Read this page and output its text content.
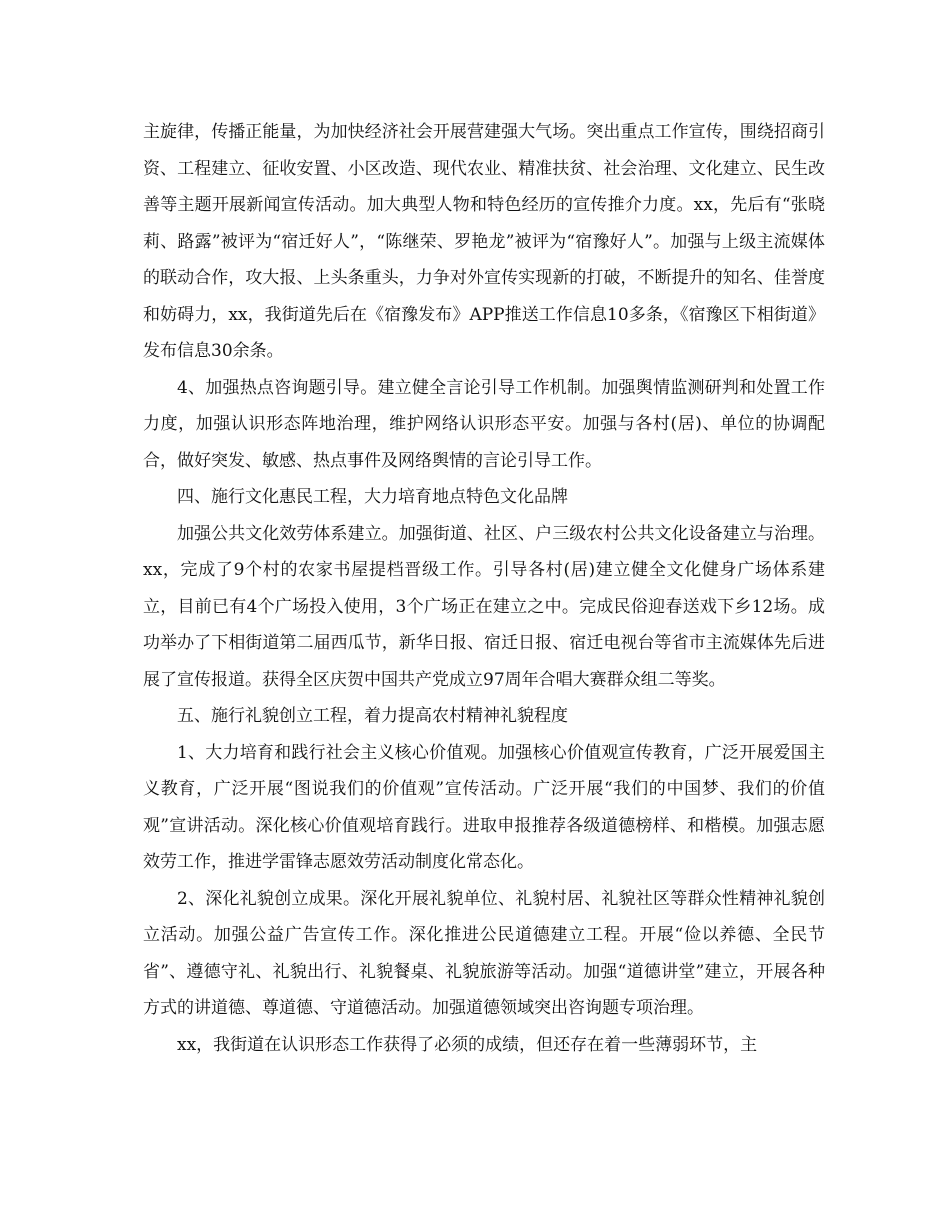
主旋律，传播正能量，为加快经济社会开展营建强大气场。突出重点工作宣传，围绕招商引资、工程建立、征收安置、小区改造、现代农业、精准扶贫、社会治理、文化建立、民生改善等主题开展新闻宣传活动。加大典型人物和特色经历的宣传推介力度。xx，先后有“张晓莉、路露”被评为“宿迁好人”，“陈继荣、罗艳龙”被评为“宿豫好人”。加强与上级主流媒体的联动合作，攻大报、上头条重头，力争对外宣传实现新的打破，不断提升的知名、佳誉度和妨碍力，xx，我街道先后在《宿豫发布》APP推送工作信息10多条，《宿豫区下相街道》发布信息30余条。

4、加强热点咨询题引导。建立健全言论引导工作机制。加强舆情监测研判和处置工作力度，加强认识形态阵地治理，维护网络认识形态平安。加强与各村(居)、单位的协调配合，做好突发、敏感、热点事件及网络舆情的言论引导工作。

四、施行文化惠民工程，大力培育地点特色文化品牌

加强公共文化效劳体系建立。加强街道、社区、户三级农村公共文化设备建立与治理。xx，完成了9个村的农家书屋提档晋级工作。引导各村(居)建立健全文化健身广场体系建立，目前已有4个广场投入使用，3个广场正在建立之中。完成民俗迎春送戏下乡12场。成功举办了下相街道第二届西瓜节，新华日报、宿迁日报、宿迁电视台等省市主流媒体先后进展了宣传报道。获得全区庆贺中国共产党成立97周年合唱大赛群众组二等奖。

五、施行礼貌创立工程，着力提高农村精神礼貌程度

1、大力培育和践行社会主义核心价值观。加强核心价值观宣传教育，广泛开展爱国主义教育，广泛开展“图说我们的价值观”宣传活动。广泛开展“我们的中国梦、我们的价值观”宣讲活动。深化核心价值观培育践行。进取申报推荐各级道德榜样、和楷模。加强志愿效劳工作，推进学雷锋志愿效劳活动制度化常态化。

2、深化礼貌创立成果。深化开展礼貌单位、礼貌村居、礼貌社区等群众性精神礼貌创立活动。加强公益广告宣传工作。深化推进公民道德建立工程。开展“俭以养德、全民节省”、遵德守礼、礼貌出行、礼貌餐桌、礼貌旅游等活动。加强“道德讲堂”建立，开展各种方式的讲道德、尊道德、守道德活动。加强道德领域突出咨询题专项治理。

xx，我街道在认识形态工作获得了必须的成绩，但还存在着一些薄弱环节，主
